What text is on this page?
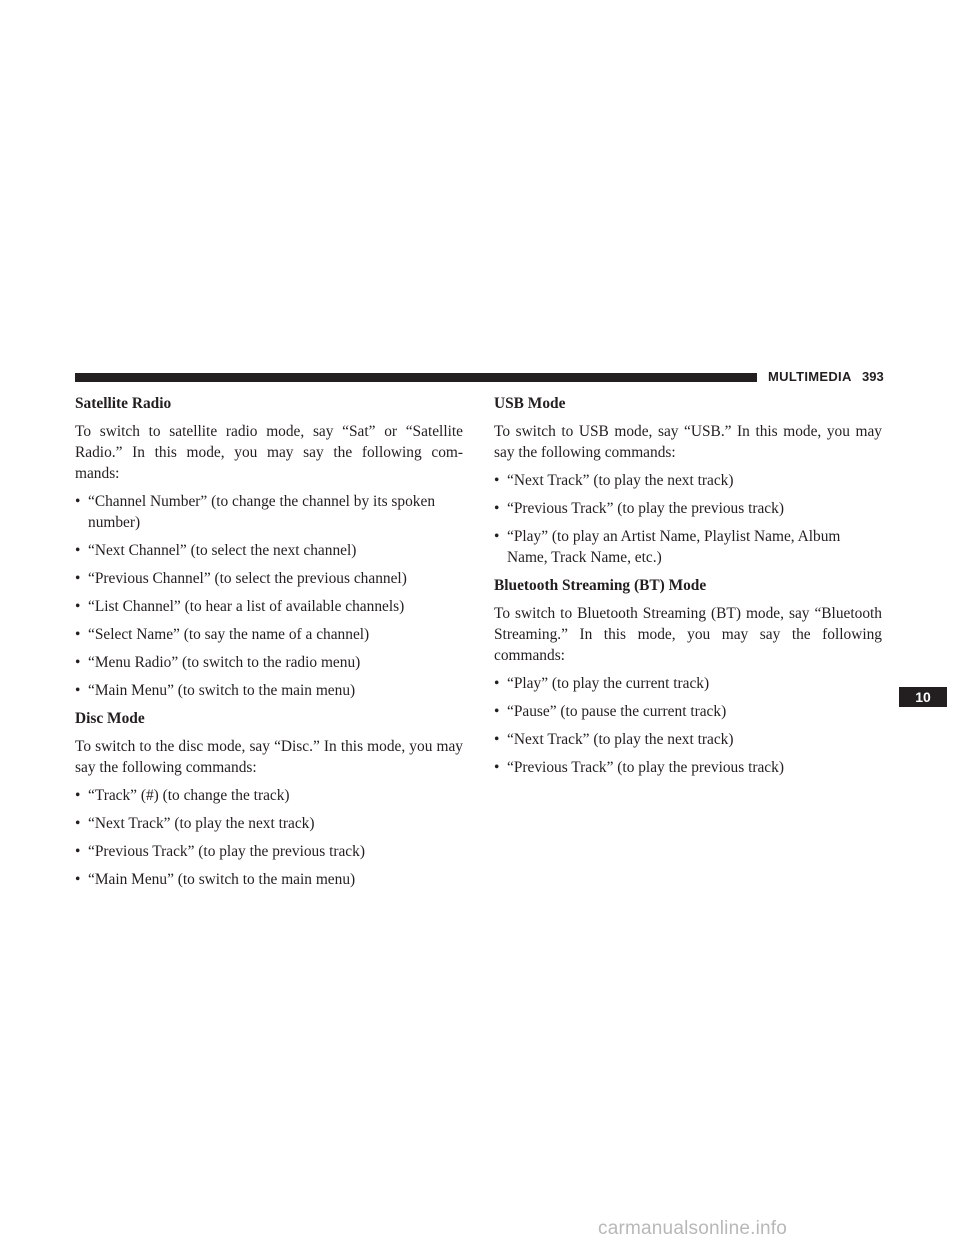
MULTIMEDIA 393
10
Satellite Radio
To switch to satellite radio mode, say “Sat” or “Satellite
Radio.” In this mode, you may say the following com-
mands:
• “Channel Number” (to change the channel by its spoken number)
• “Next Channel” (to select the next channel)
• “Previous Channel” (to select the previous channel)
• “List Channel” (to hear a list of available channels)
• “Select Name” (to say the name of a channel)
• “Menu Radio” (to switch to the radio menu)
• “Main Menu” (to switch to the main menu)
Disc Mode
To switch to the disc mode, say “Disc.” In this mode, you may say the following commands:
• “Track” (#) (to change the track)
• “Next Track” (to play the next track)
• “Previous Track” (to play the previous track)
• “Main Menu” (to switch to the main menu)
USB Mode
To switch to USB mode, say “USB.” In this mode, you may say the following commands:
• “Next Track” (to play the next track)
• “Previous Track” (to play the previous track)
• “Play” (to play an Artist Name, Playlist Name, Album Name, Track Name, etc.)
Bluetooth Streaming (BT) Mode
To switch to Bluetooth Streaming (BT) mode, say “Bluetooth Streaming.” In this mode, you may say the following commands:
• “Play” (to play the current track)
• “Pause” (to pause the current track)
• “Next Track” (to play the next track)
• “Previous Track” (to play the previous track)
carmanualsonline.info
